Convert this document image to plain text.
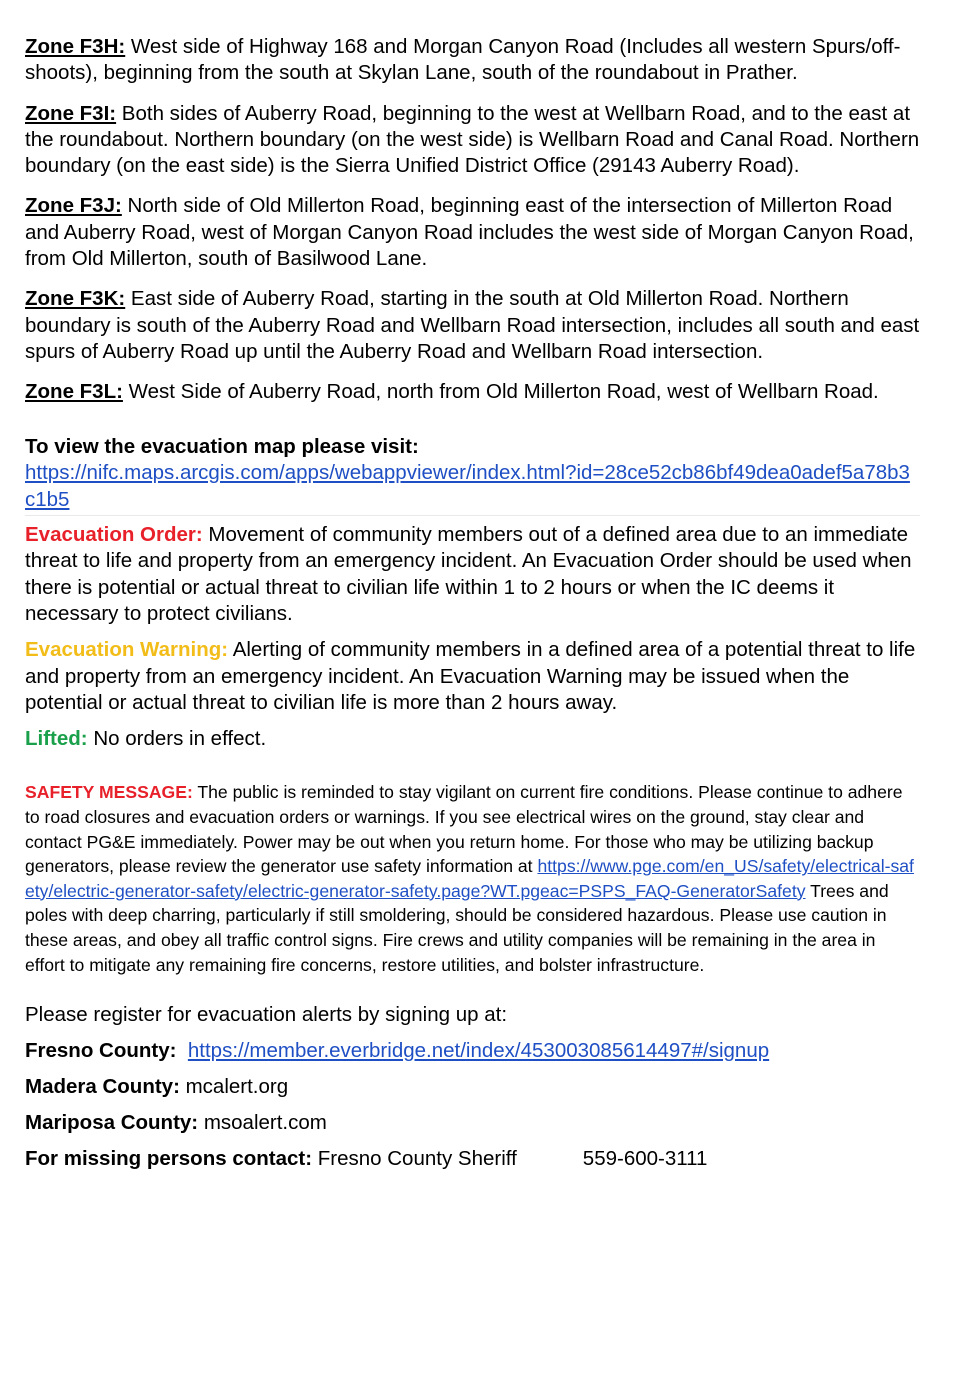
Zone F3H: West side of Highway 168 and Morgan Canyon Road (Includes all western Spurs/off-shoots), beginning from the south at Skylan Lane, south of the roundabout in Prather.

Zone F3I: Both sides of Auberry Road, beginning to the west at Wellbarn Road, and to the east at the roundabout. Northern boundary (on the west side) is Wellbarn Road and Canal Road. Northern boundary (on the east side) is the Sierra Unified District Office (29143 Auberry Road).

Zone F3J: North side of Old Millerton Road, beginning east of the intersection of Millerton Road and Auberry Road, west of Morgan Canyon Road includes the west side of Morgan Canyon Road, from Old Millerton, south of Basilwood Lane.

Zone F3K: East side of Auberry Road, starting in the south at Old Millerton Road. Northern boundary is south of the Auberry Road and Wellbarn Road intersection, includes all south and east spurs of Auberry Road up until the Auberry Road and Wellbarn Road intersection.

Zone F3L: West Side of Auberry Road, north from Old Millerton Road, west of Wellbarn Road.

To view the evacuation map please visit:
https://nifc.maps.arcgis.com/apps/webappviewer/index.html?id=28ce52cb86bf49dea0adef5a78b3c1b5

Evacuation Order: Movement of community members out of a defined area due to an immediate threat to life and property from an emergency incident. An Evacuation Order should be used when there is potential or actual threat to civilian life within 1 to 2 hours or when the IC deems it necessary to protect civilians.

Evacuation Warning: Alerting of community members in a defined area of a potential threat to life and property from an emergency incident. An Evacuation Warning may be issued when the potential or actual threat to civilian life is more than 2 hours away.

Lifted: No orders in effect.

SAFETY MESSAGE: The public is reminded to stay vigilant on current fire conditions. Please continue to adhere to road closures and evacuation orders or warnings. If you see electrical wires on the ground, stay clear and contact PG&E immediately. Power may be out when you return home. For those who may be utilizing backup generators, please review the generator use safety information at https://www.pge.com/en_US/safety/electrical-safety/electric-generator-safety/electric-generator-safety.page?WT.pgeac=PSPS_FAQ-GeneratorSafety Trees and poles with deep charring, particularly if still smoldering, should be considered hazardous. Please use caution in these areas, and obey all traffic control signs. Fire crews and utility companies will be remaining in the area in effort to mitigate any remaining fire concerns, restore utilities, and bolster infrastructure.

Please register for evacuation alerts by signing up at:

Fresno County: https://member.everbridge.net/index/453003085614497#/signup

Madera County: mcalert.org

Mariposa County: msoalert.com

For missing persons contact: Fresno County Sheriff	559-600-3111
